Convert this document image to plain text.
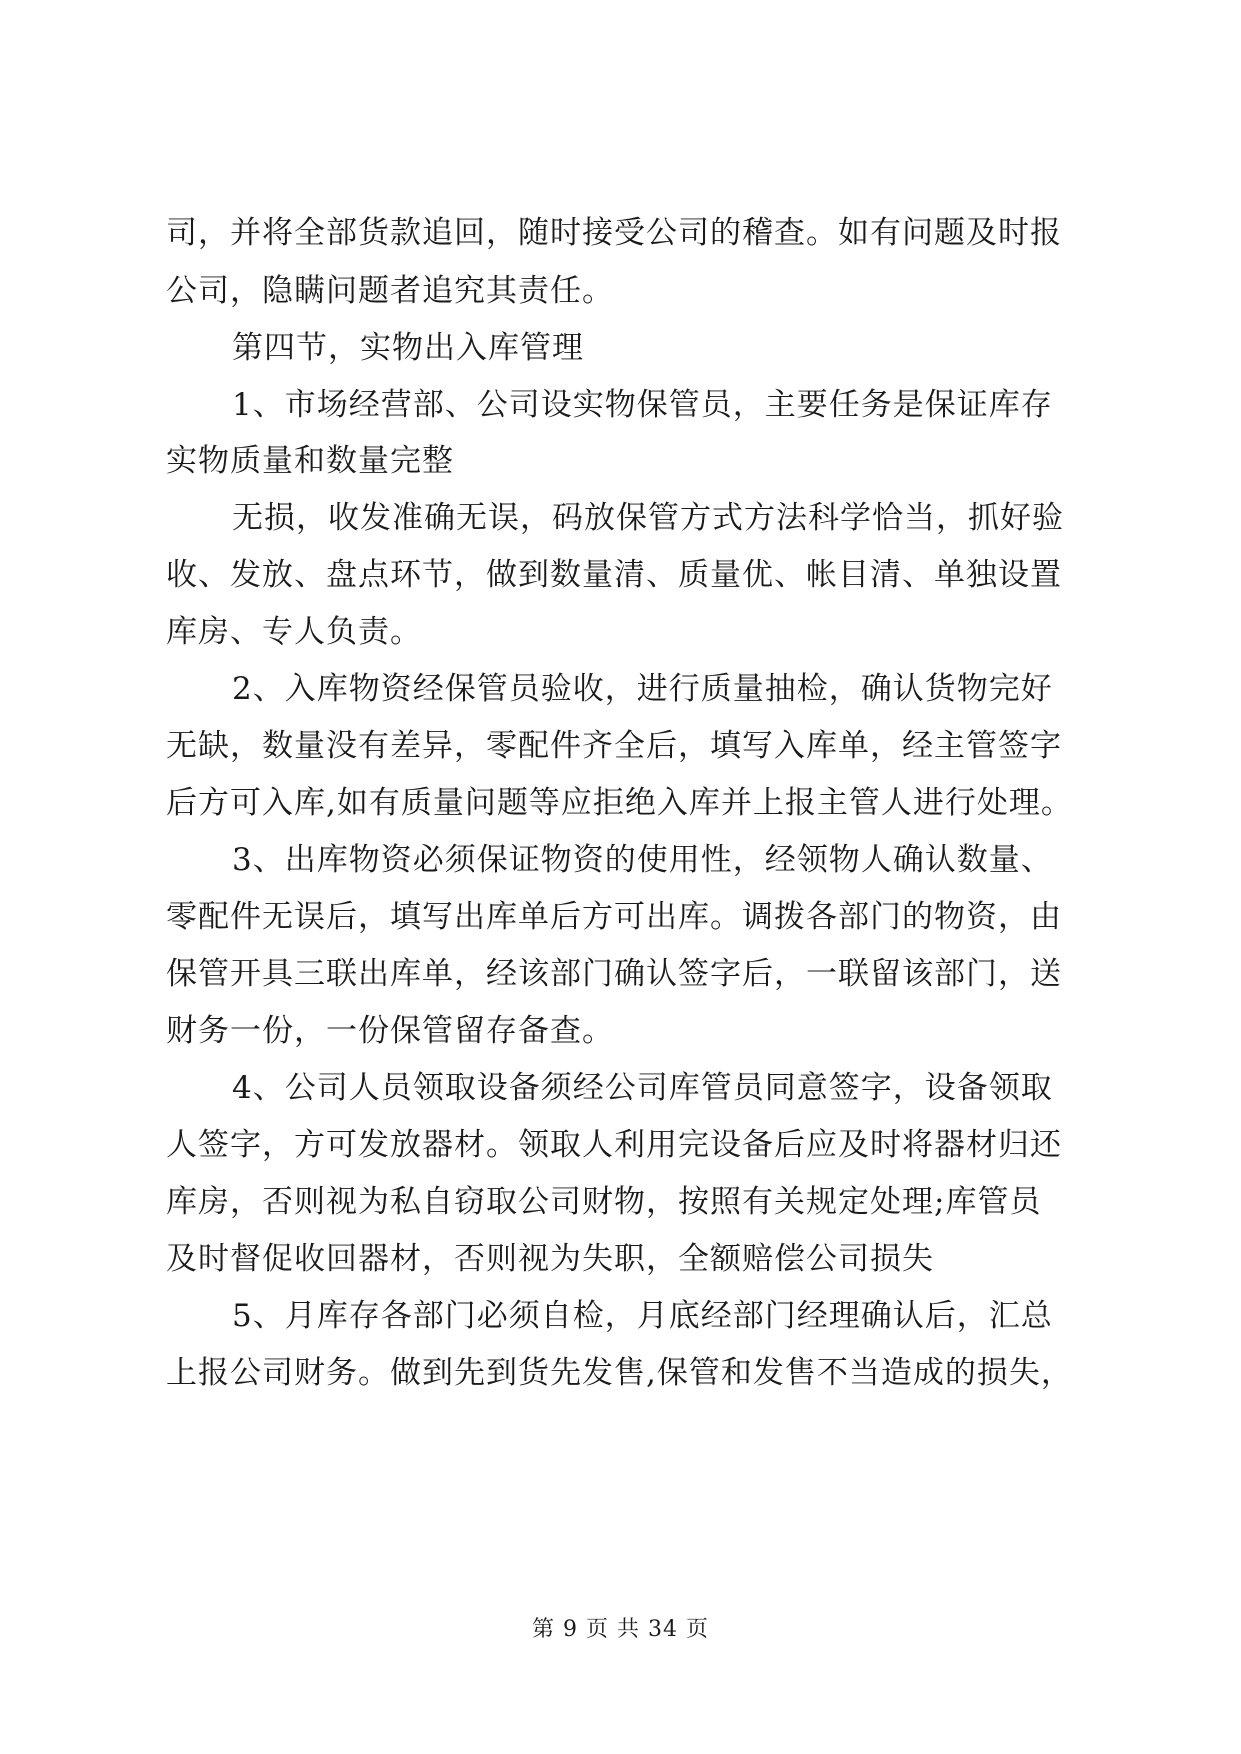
司，并将全部货款追回，随时接受公司的稽查。如有问题及时报
公司，隐瞒问题者追究其责任。
第四节，实物出入库管理
1、市场经营部、公司设实物保管员，主要任务是保证库存
实物质量和数量完整
无损，收发准确无误，码放保管方式方法科学恰当，抓好验
收、发放、盘点环节，做到数量清、质量优、帐目清、单独设置
库房、专人负责。
2、入库物资经保管员验收，进行质量抽检，确认货物完好
无缺，数量没有差异，零配件齐全后，填写入库单，经主管签字
后方可入库,如有质量问题等应拒绝入库并上报主管人进行处理。
3、出库物资必须保证物资的使用性，经领物人确认数量、
零配件无误后，填写出库单后方可出库。调拨各部门的物资，由
保管开具三联出库单，经该部门确认签字后，一联留该部门，送
财务一份，一份保管留存备查。
4、公司人员领取设备须经公司库管员同意签字，设备领取
人签字，方可发放器材。领取人利用完设备后应及时将器材归还
库房，否则视为私自窃取公司财物，按照有关规定处理;库管员
及时督促收回器材，否则视为失职，全额赔偿公司损失
5、月库存各部门必须自检，月底经部门经理确认后，汇总
上报公司财务。做到先到货先发售,保管和发售不当造成的损失，
第 9 页 共 34 页
